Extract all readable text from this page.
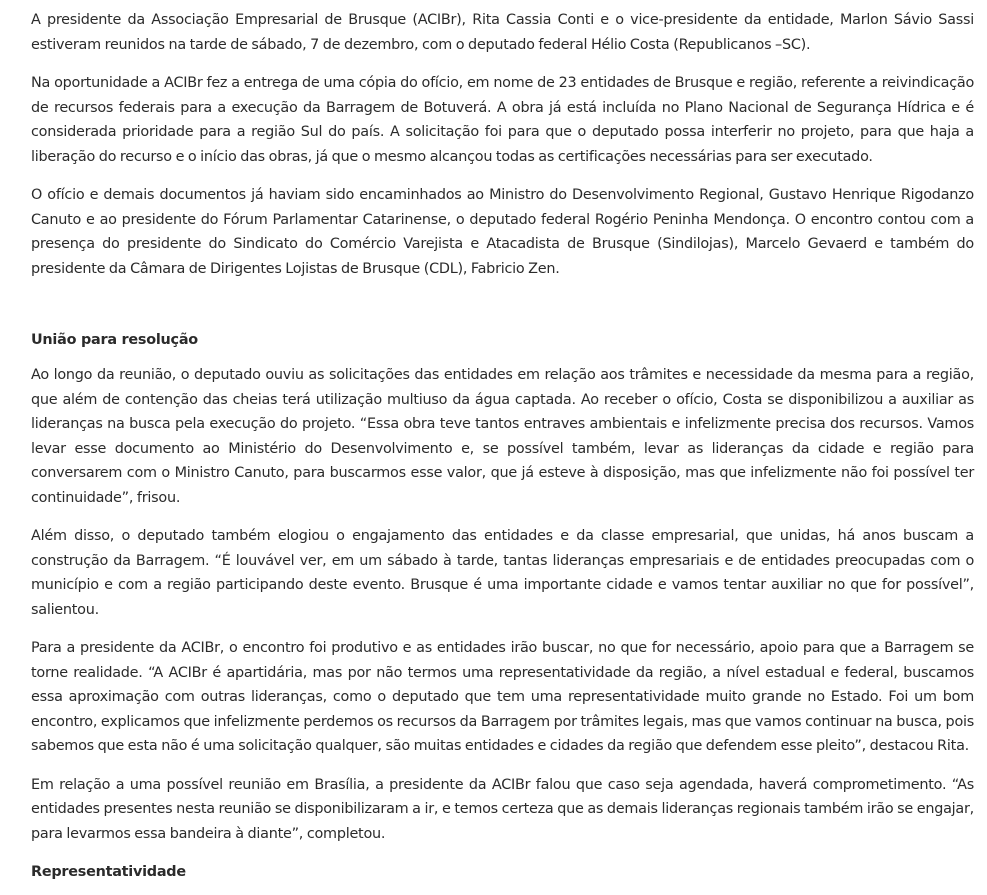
A presidente da Associação Empresarial de Brusque (ACIBr), Rita Cassia Conti e o vice-presidente da entidade, Marlon Sávio Sassi estiveram reunidos na tarde de sábado, 7 de dezembro, com o deputado federal Hélio Costa (Republicanos –SC).

Na oportunidade a ACIBr fez a entrega de uma cópia do ofício, em nome de 23 entidades de Brusque e região, referente a reivindicação de recursos federais para a execução da Barragem de Botuverá. A obra já está incluída no Plano Nacional de Segurança Hídrica e é considerada prioridade para a região Sul do país. A solicitação foi para que o deputado possa interferir no projeto, para que haja a liberação do recurso e o início das obras, já que o mesmo alcançou todas as certificações necessárias para ser executado.

O ofício e demais documentos já haviam sido encaminhados ao Ministro do Desenvolvimento Regional, Gustavo Henrique Rigodanzo Canuto e ao presidente do Fórum Parlamentar Catarinense, o deputado federal Rogério Peninha Mendonça. O encontro contou com a presença do presidente do Sindicato do Comércio Varejista e Atacadista de Brusque (Sindilojas), Marcelo Gevaerd e também do presidente da Câmara de Dirigentes Lojistas de Brusque (CDL), Fabricio Zen.

União para resolução

Ao longo da reunião, o deputado ouviu as solicitações das entidades em relação aos trâmites e necessidade da mesma para a região, que além de contenção das cheias terá utilização multiuso da água captada. Ao receber o ofício, Costa se disponibilizou a auxiliar as lideranças na busca pela execução do projeto. “Essa obra teve tantos entraves ambientais e infelizmente precisa dos recursos. Vamos levar esse documento ao Ministério do Desenvolvimento e, se possível também, levar as lideranças da cidade e região para conversarem com o Ministro Canuto, para buscarmos esse valor, que já esteve à disposição, mas que infelizmente não foi possível ter continuidade”, frisou.

Além disso, o deputado também elogiou o engajamento das entidades e da classe empresarial, que unidas, há anos buscam a construção da Barragem. “É louvável ver, em um sábado à tarde, tantas lideranças empresariais e de entidades preocupadas com o município e com a região participando deste evento. Brusque é uma importante cidade e vamos tentar auxiliar no que for possível”, salientou.

Para a presidente da ACIBr, o encontro foi produtivo e as entidades irão buscar, no que for necessário, apoio para que a Barragem se torne realidade. “A ACIBr é apartidária, mas por não termos uma representatividade da região, a nível estadual e federal, buscamos essa aproximação com outras lideranças, como o deputado que tem uma representatividade muito grande no Estado. Foi um bom encontro, explicamos que infelizmente perdemos os recursos da Barragem por trâmites legais, mas que vamos continuar na busca, pois sabemos que esta não é uma solicitação qualquer, são muitas entidades e cidades da região que defendem esse pleito”, destacou Rita.

Em relação a uma possível reunião em Brasília, a presidente da ACIBr falou que caso seja agendada, haverá comprometimento. “As entidades presentes nesta reunião se disponibilizaram a ir, e temos certeza que as demais lideranças regionais também irão se engajar, para levarmos essa bandeira à diante”, completou.

Representatividade
